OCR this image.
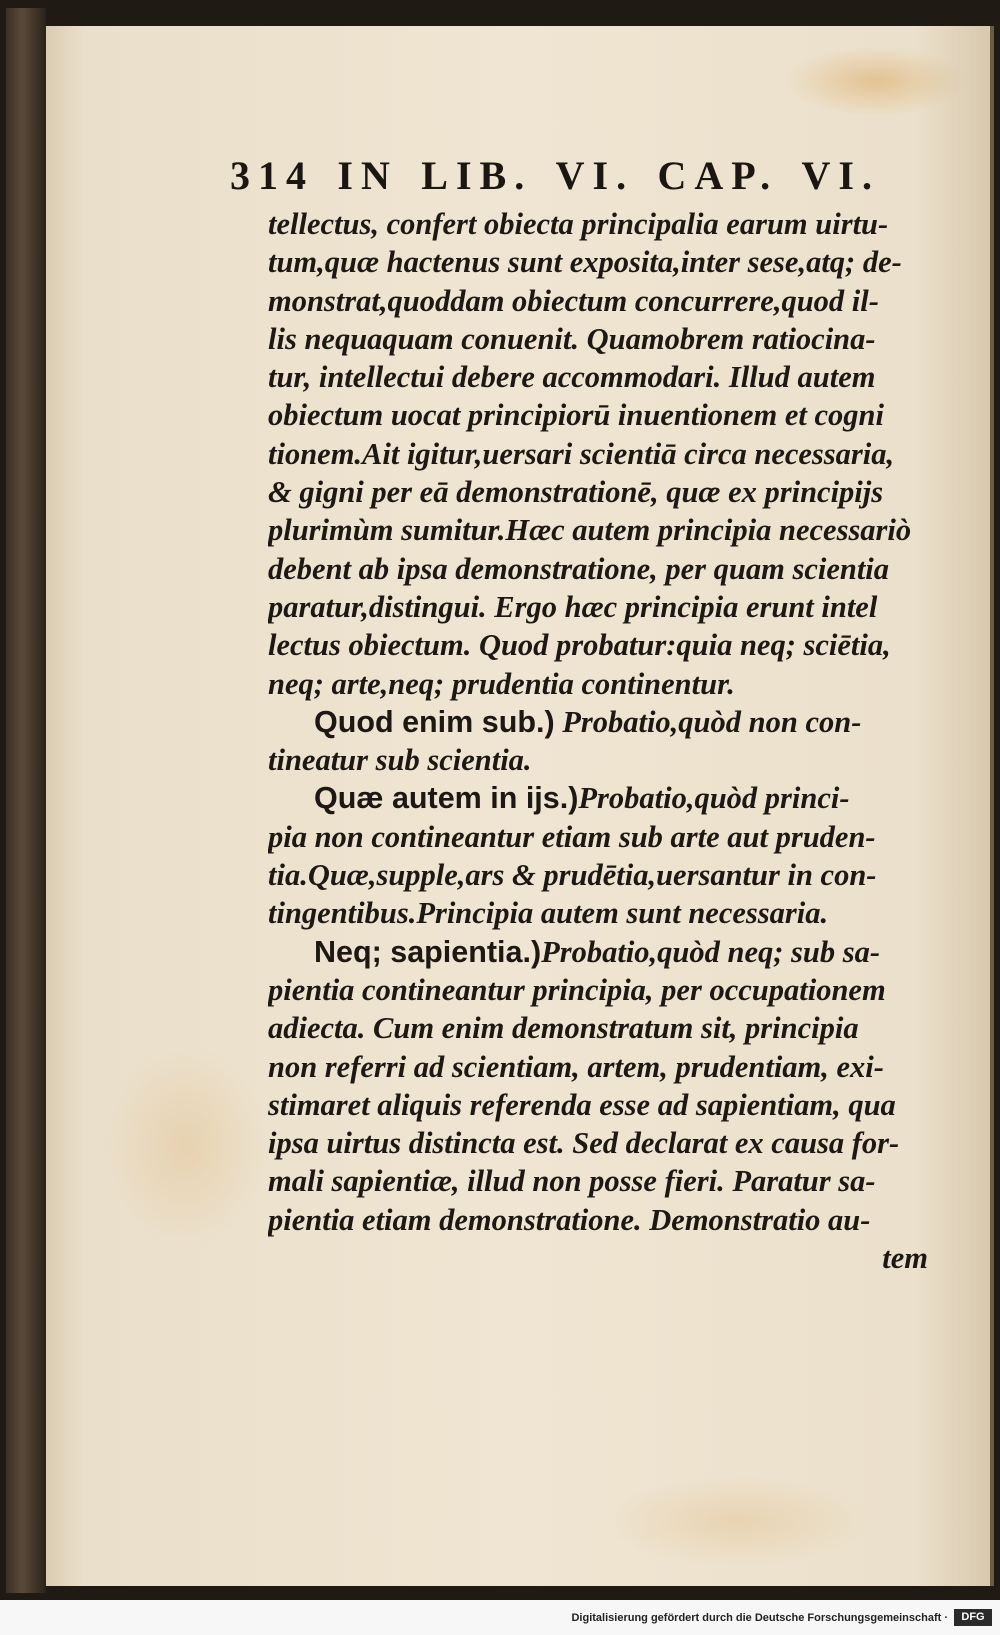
314 IN LIB. VI. CAP. VI.
tellectus, confert obiecta principalia earum uirtu-
tum,quæ hactenus sunt exposita,inter sese,atq; de-
monstrat,quoddam obiectum concurrere,quod il-
lis nequaquam conuenit. Quamobrem ratiocina-
tur, intellectui debere accommodari. Illud autem
obiectum uocat principiorū inuentionem et cogni
tionem.Ait igitur,uersari scientiā circa necessaria,
& gigni per eā demonstrationē, quæ ex principijs
plurimùm sumitur.Hæc autem principia necessariò
debent ab ipsa demonstratione, per quam scientia
paratur,distingui. Ergo hæc principia erunt intel
lectus obiectum. Quod probatur:quia neq; sciētia,
neq; arte,neq; prudentia continentur.
Quod enim sub.) Probatio,quòd non con-
tineatur sub scientia.
Quæ autem in ijs.)Probatio,quòd princi-
pia non contineantur etiam sub arte aut pruden-
tia.Quæ,supple,ars & prudētia,uersantur in con-
tingentibus.Principia autem sunt necessaria.
Neq; sapientia.)Probatio,quòd neq; sub sa-
pientia contineantur principia, per occupationem
adiecta. Cum enim demonstratum sit, principia
non referri ad scientiam, artem, prudentiam, exi-
stimaret aliquis referenda esse ad sapientiam, qua
ipsa uirtus distincta est. Sed declarat ex causa for-
mali sapientiæ, illud non posse fieri. Paratur sa-
pientia etiam demonstratione. Demonstratio au-
tem
Digitalisierung gefördert durch die Deutsche Forschungsgemeinschaft ·	DFG
